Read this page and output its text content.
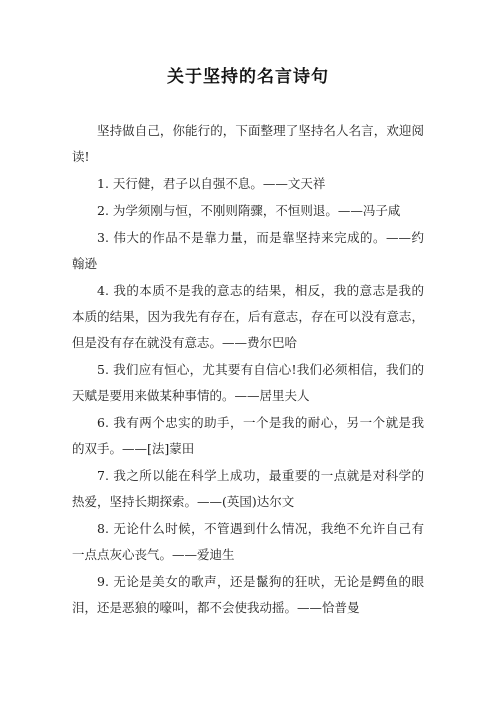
关于坚持的名言诗句

坚持做自己，你能行的，下面整理了坚持名人名言，欢迎阅读!

1. 天行健，君子以自强不息。——文天祥

2. 为学须刚与恒，不刚则隋骤，不恒则退。——冯子咸

3. 伟大的作品不是靠力量，而是靠坚持来完成的。——约翰逊

4. 我的本质不是我的意志的结果，相反，我的意志是我的本质的结果，因为我先有存在，后有意志，存在可以没有意志，但是没有存在就没有意志。——费尔巴哈

5. 我们应有恒心，尤其要有自信心!我们必须相信，我们的天赋是要用来做某种事情的。——居里夫人

6. 我有两个忠实的助手，一个是我的耐心，另一个就是我的双手。——[法]蒙田

7. 我之所以能在科学上成功，最重要的一点就是对科学的热爱，坚持长期探索。——(英国)达尔文

8. 无论什么时候，不管遇到什么情况，我绝不允许自己有一点点灰心丧气。——爱迪生

9. 无论是美女的歌声，还是鬣狗的狂吠，无论是鳄鱼的眼泪，还是恶狼的嚎叫，都不会使我动摇。——恰普曼
